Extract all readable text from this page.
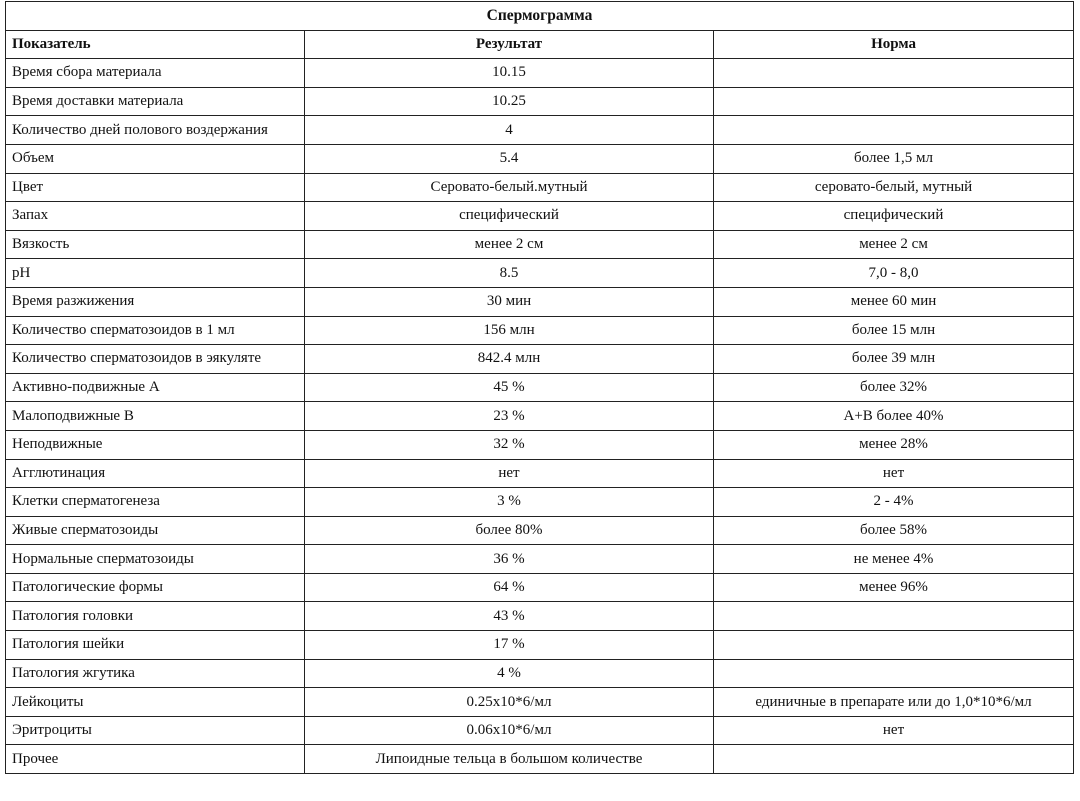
Спермограмма		
Показатель	Результат	Норма
Время сбора материала	10.15	
Время доставки материала	10.25	
Количество дней полового воздержания	4	
Объем	5.4	более 1,5 мл
Цвет	Серовато-белый.мутный	серовато-белый, мутный
Запах	специфический	специфический
Вязкость	менее 2 см	менее 2 см
pH	8.5	7,0 - 8,0
Время разжижения	30 мин	менее 60 мин
Количество сперматозоидов в 1 мл	156 млн	более 15 млн
Количество сперматозоидов в эякуляте	842.4 млн	более 39 млн
Активно-подвижные А	45 %	более 32%
Малоподвижные В	23 %	А+В более 40%
Неподвижные	32 %	менее 28%
Агглютинация	нет	нет
Клетки сперматогенеза	3 %	2 - 4%
Живые сперматозоиды	более 80%	более 58%
Нормальные сперматозоиды	36 %	не менее 4%
Патологические формы	64 %	менее 96%
Патология головки	43 %	
Патология шейки	17 %	
Патология жгутика	4 %	
Лейкоциты	0.25x10*6/мл	единичные в препарате или до 1,0*10*6/мл
Эритроциты	0.06x10*6/мл	нет
Прочее	Липоидные тельца в большом количестве	
